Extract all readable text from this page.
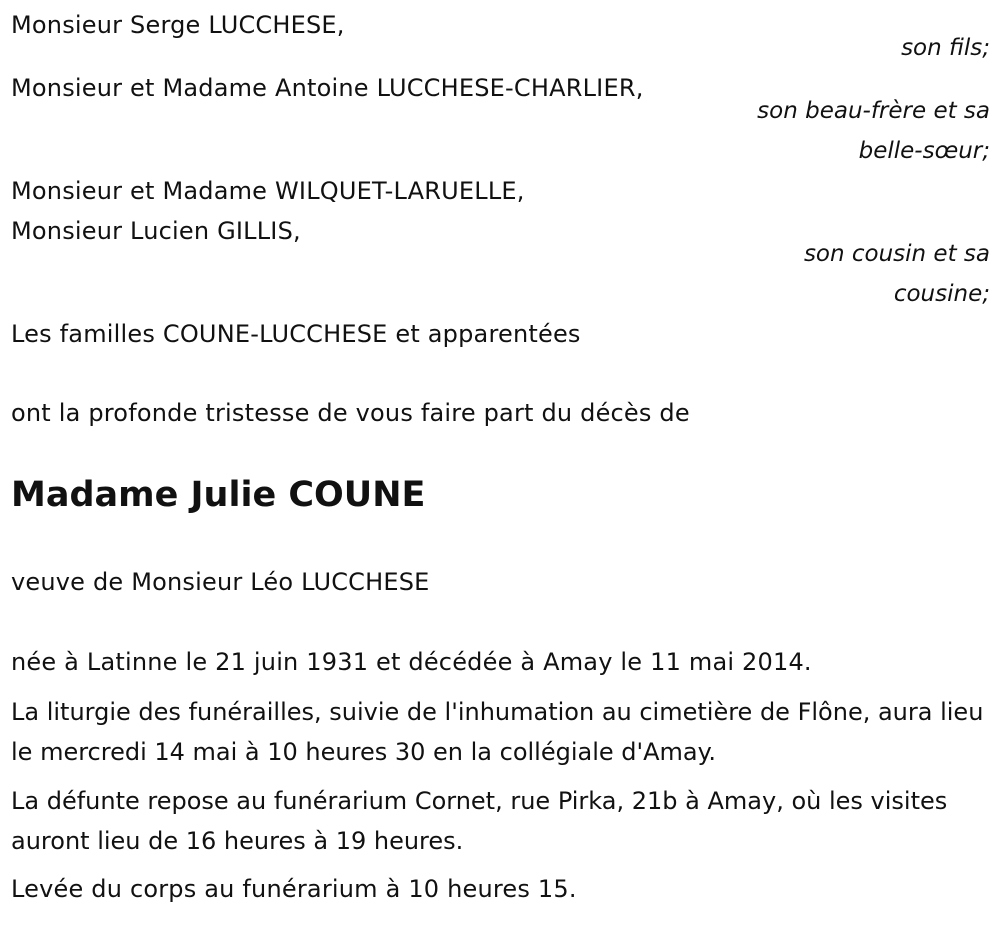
Monsieur Serge LUCCHESE,
son fils;
Monsieur et Madame Antoine LUCCHESE-CHARLIER,
son beau-frère et sa
belle-sœur;
Monsieur et Madame WILQUET-LARUELLE,
Monsieur Lucien GILLIS,
son cousin et sa
cousine;
Les familles COUNE-LUCCHESE et apparentées
ont la profonde tristesse de vous faire part du décès de
Madame Julie COUNE
veuve de Monsieur Léo LUCCHESE
née à Latinne le 21 juin 1931 et décédée à Amay le 11 mai 2014.
La liturgie des funérailles, suivie de l'inhumation au cimetière de Flône, aura lieu le mercredi 14 mai à 10 heures 30 en la collégiale d'Amay.
La défunte repose au funérarium Cornet, rue Pirka, 21b à Amay, où les visites auront lieu de 16 heures à 19 heures.
Levée du corps au funérarium à 10 heures 15.
